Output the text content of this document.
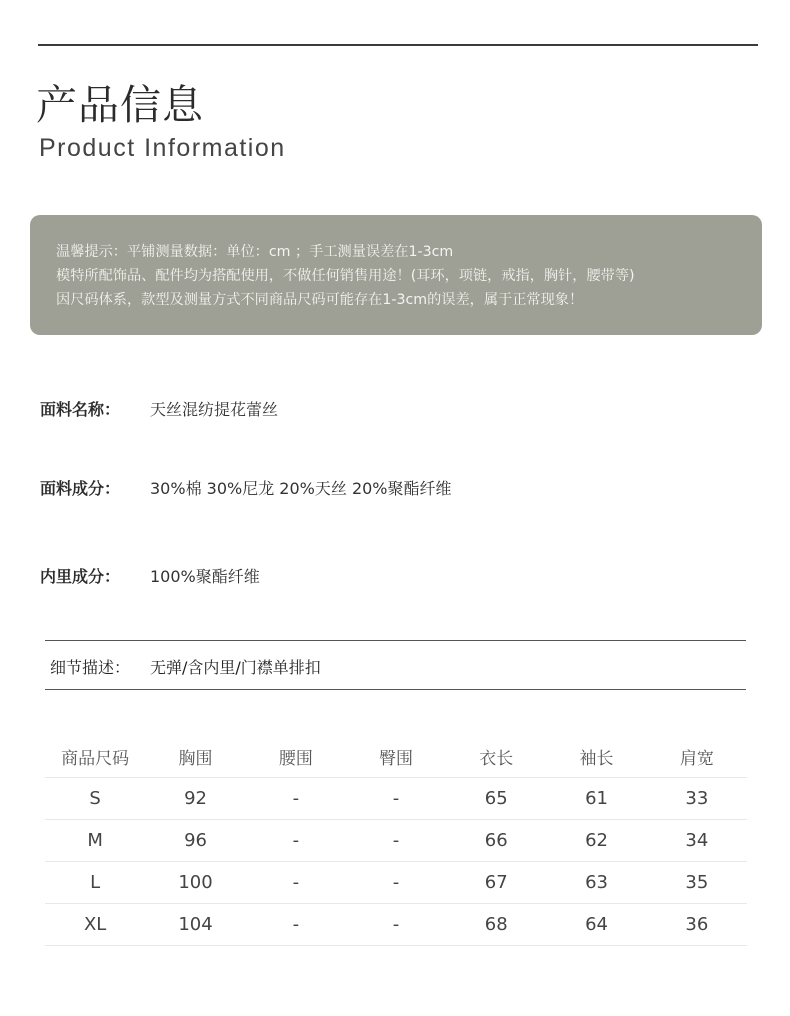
产品信息
Product Information
温馨提示：平铺测量数据：单位：cm ；手工测量误差在1-3cm
模特所配饰品、配件均为搭配使用，不做任何销售用途！(耳环，项链，戒指，胸针，腰带等)
因尺码体系，款型及测量方式不同商品尺码可能存在1-3cm的误差，属于正常现象！
面料名称： 天丝混纺提花蕾丝
面料成分： 30%棉 30%尼龙 20%天丝 20%聚酯纤维
内里成分： 100%聚酯纤维
细节描述： 无弹/含内里/门襟单排扣
商品尺码	胸围	腰围	臀围	衣长	袖长	肩宽
S	92	-	-	65	61	33
M	96	-	-	66	62	34
L	100	-	-	67	63	35
XL	104	-	-	68	64	36
